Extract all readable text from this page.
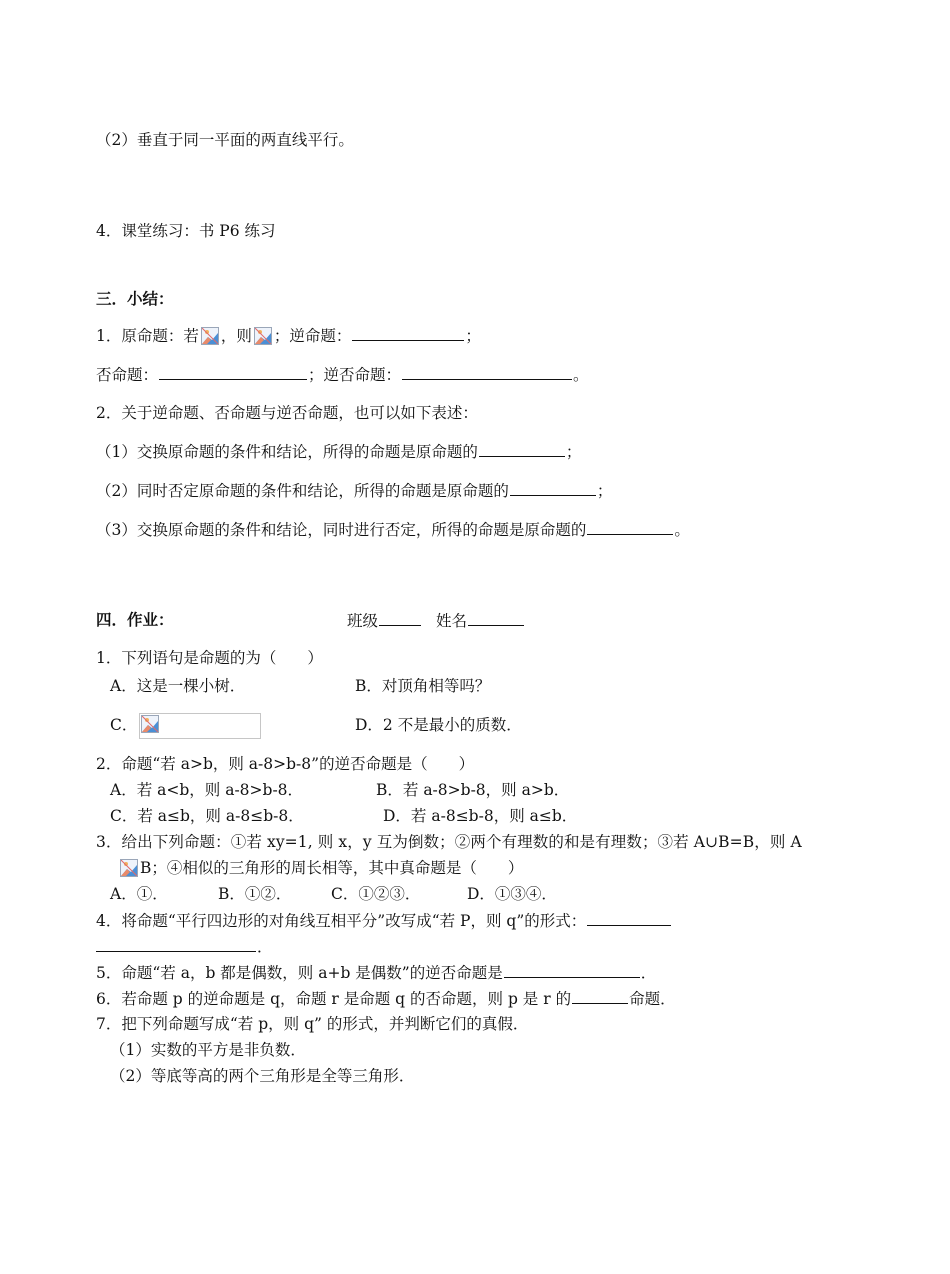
（2）垂直于同一平面的两直线平行。
4．课堂练习：书 P6 练习
三．小结：
1．原命题：若 ，则 ；逆命题：	；
否命题：	；逆否命题：	。
2．关于逆命题、否命题与逆否命题，也可以如下表述：
（1）交换原命题的条件和结论，所得的命题是原命题的	；
（2）同时否定原命题的条件和结论，所得的命题是原命题的	；
（3）交换原命题的条件和结论，同时进行否定，所得的命题是原命题的	。
四．作业：	班级	姓名
1．下列语句是命题的为（　　）
A．这是一棵小树．	B．对顶角相等吗？
C．	D．2 不是最小的质数．
2．命题“若 a>b，则 a-8>b-8”的逆否命题是（　　）
A．若 a<b，则 a-8>b-8．	B．若 a-8>b-8，则 a>b．
C．若 a≤b，则 a-8≤b-8．	D．若 a-8≤b-8，则 a≤b．
3．给出下列命题：①若 xy=1, 则 x，y 互为倒数；②两个有理数的和是有理数；③若 A∪B=B，则 A
B；④相似的三角形的周长相等，其中真命题是（　　）
A．①．	B．①②．	C．①②③．	D．①③④．
4．将命题“平行四边形的对角线互相平分”改写成“若 P，则 q”的形式：
．
5．命题“若 a，b 都是偶数，则 a+b 是偶数”的逆否命题是	．
6．若命题 p 的逆命题是 q，命题 r 是命题 q 的否命题，则 p 是 r 的	命题．
7．把下列命题写成“若 p，则 q” 的形式，并判断它们的真假．
（1）实数的平方是非负数．
（2）等底等高的两个三角形是全等三角形．
